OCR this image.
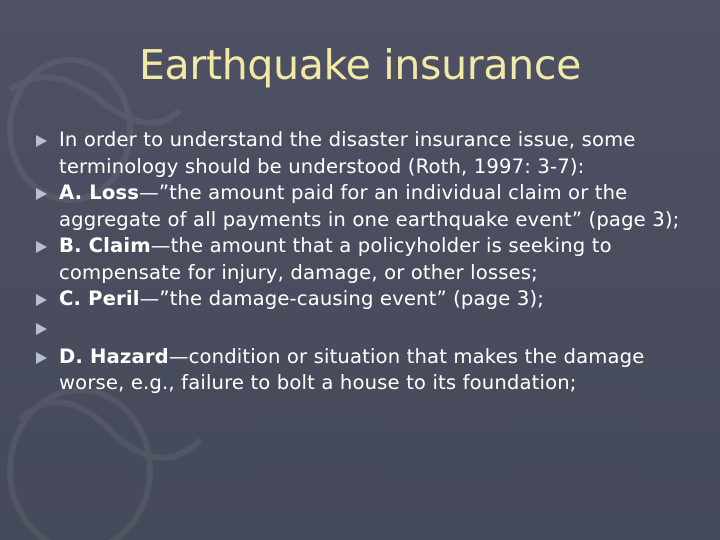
Earthquake insurance
In order to understand the disaster insurance issue, some terminology should be understood (Roth, 1997: 3-7):
A. Loss—”the amount paid for an individual claim or the aggregate of all payments in one earthquake event” (page 3);
B. Claim—the amount that a policyholder is seeking to compensate for injury, damage, or other losses;
C. Peril—”the damage-causing event” (page 3);
D. Hazard—condition or situation that makes the damage worse, e.g., failure to bolt a house to its foundation;
